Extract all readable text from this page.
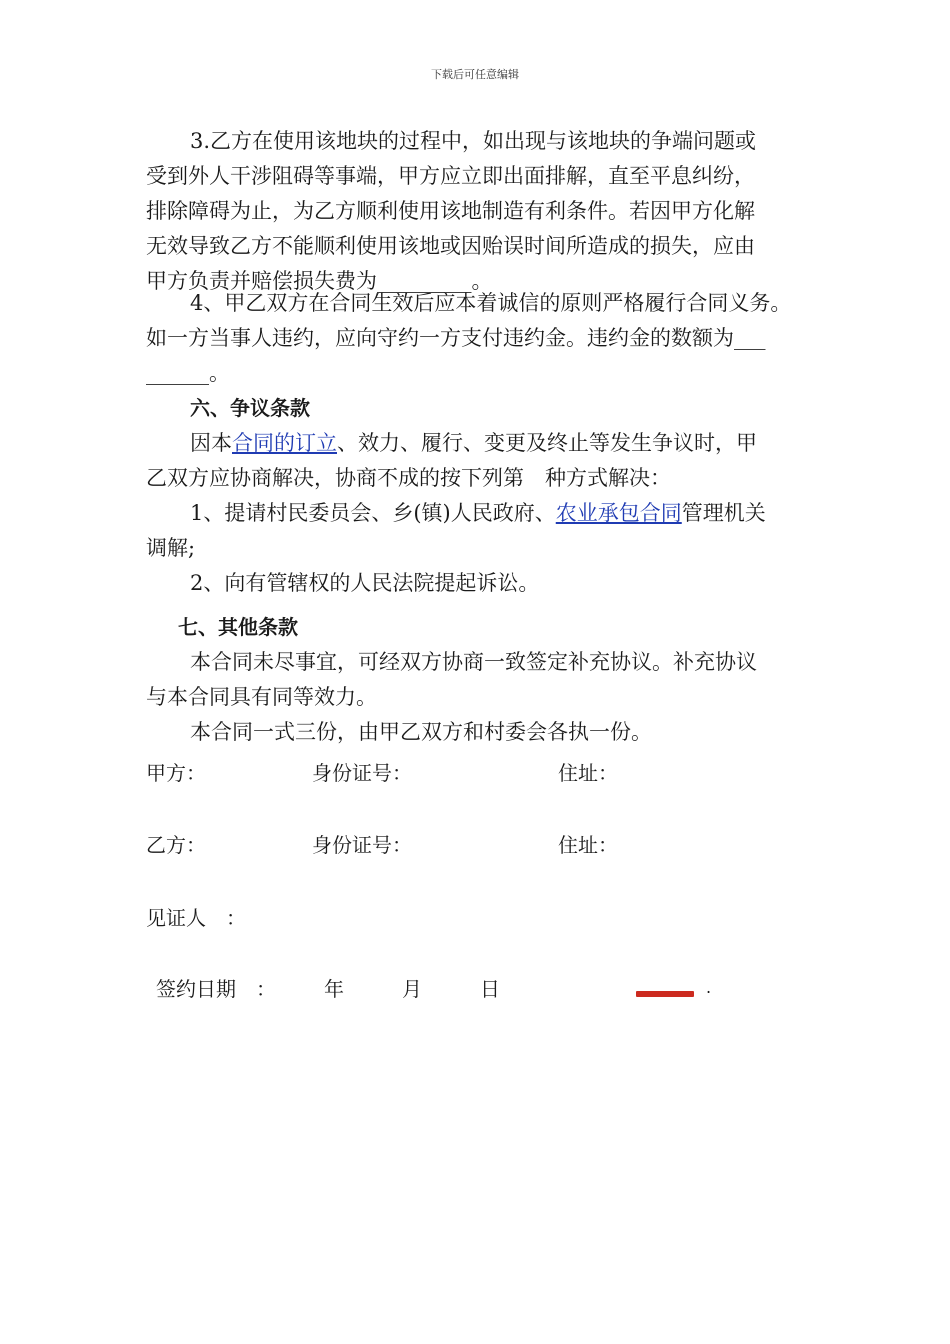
下载后可任意编辑
3.乙方在使用该地块的过程中，如出现与该地块的争端问题或
受到外人干涉阻碍等事端，甲方应立即出面排解，直至平息纠纷，
排除障碍为止，为乙方顺利使用该地制造有利条件。若因甲方化解
无效导致乙方不能顺利使用该地或因贻误时间所造成的损失，应由
甲方负责并赔偿损失费为_________。
4、甲乙双方在合同生效后应本着诚信的原则严格履行合同义务。
如一方当事人违约，应向守约一方支付违约金。违约金的数额为___
______。
六、争议条款
因本合同的订立、效力、履行、变更及终止等发生争议时，甲
乙双方应协商解决，协商不成的按下列第　种方式解决：
1、提请村民委员会、乡(镇)人民政府、农业承包合同管理机关
调解;
2、向有管辖权的人民法院提起诉讼。
七、其他条款
本合同未尽事宜，可经双方协商一致签定补充协议。补充协议
与本合同具有同等效力。
本合同一式三份，由甲乙双方和村委会各执一份。
甲方：	身份证号：	住址：
乙方：	身份证号：	住址：
见证人　：
签约日期　： 年	月	日	.
